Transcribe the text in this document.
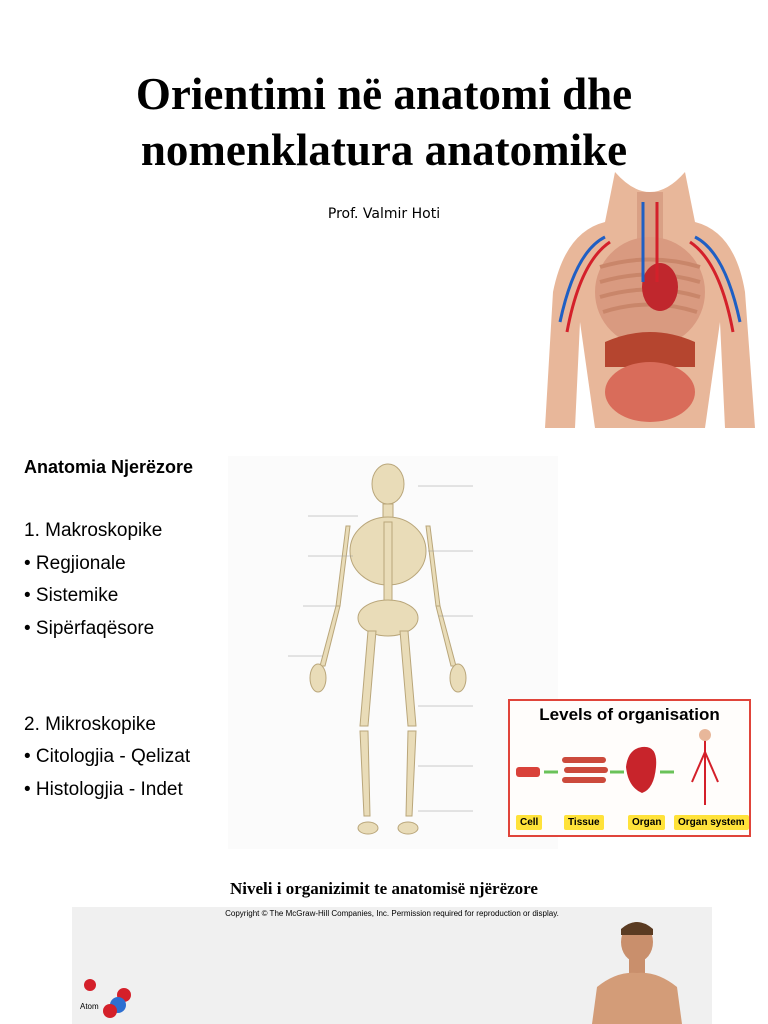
Orientimi në anatomi dhe
nomenklatura anatomike
Prof. Valmir Hoti
Anatomia Njerëzore
1. Makroskopike
• Regjionale
• Sistemike
• Sipërfaqësore
2. Mikroskopike
• Citologjia - Qelizat
• Histologjia - Indet
Levels of organisation
Cell	Tissue	Organ	Organ system
Niveli i organizimit te anatomisë njërëzore
Copyright © The McGraw-Hill Companies, Inc. Permission required for reproduction or display.
Atom
